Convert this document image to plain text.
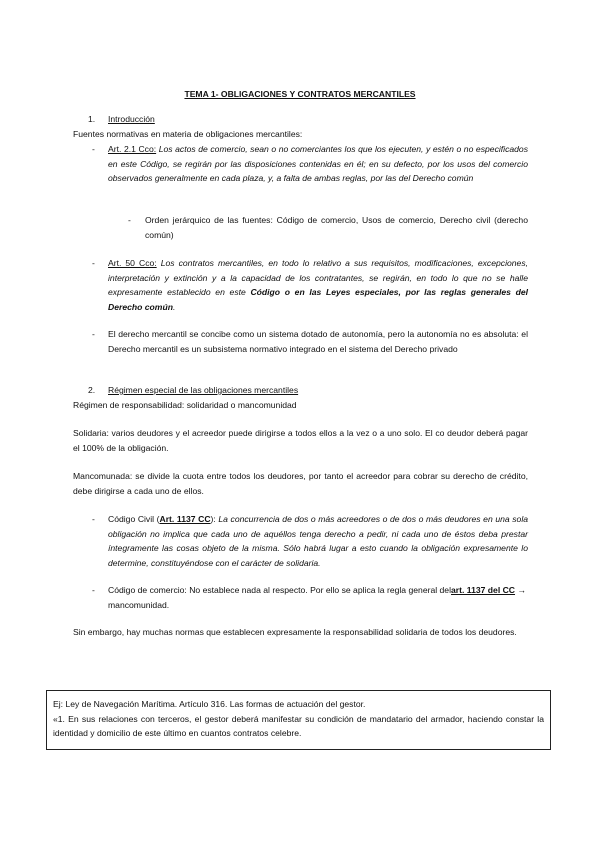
TEMA 1- OBLIGACIONES Y CONTRATOS MERCANTILES
1. Introducción
Fuentes normativas en materia de obligaciones mercantiles:
- Art. 2.1 Cco: Los actos de comercio, sean o no comerciantes los que los ejecuten, y estén o no especificados en este Código, se regirán por las disposiciones contenidas en él; en su defecto, por los usos del comercio observados generalmente en cada plaza, y, a falta de ambas reglas, por las del Derecho común
- Orden jerárquico de las fuentes: Código de comercio, Usos de comercio, Derecho civil (derecho común)
- Art. 50 Cco: Los contratos mercantiles, en todo lo relativo a sus requisitos, modificaciones, excepciones, interpretación y extinción y a la capacidad de los contratantes, se regirán, en todo lo que no se halle expresamente establecido en este Código o en las Leyes especiales, por las reglas generales del Derecho común.
- El derecho mercantil se concibe como un sistema dotado de autonomía, pero la autonomía no es absoluta: el Derecho mercantil es un subsistema normativo integrado en el sistema del Derecho privado
2. Régimen especial de las obligaciones mercantiles
Régimen de responsabilidad: solidaridad o mancomunidad
Solidaria: varios deudores y el acreedor puede dirigirse a todos ellos a la vez o a uno solo. El co deudor deberá pagar el 100% de la obligación.
Mancomunada: se divide la cuota entre todos los deudores, por tanto el acreedor para cobrar su derecho de crédito, debe dirigirse a cada uno de ellos.
- Código Civil (Art. 1137 CC): La concurrencia de dos o más acreedores o de dos o más deudores en una sola obligación no implica que cada uno de aquéllos tenga derecho a pedir, ni cada uno de éstos deba prestar íntegramente las cosas objeto de la misma. Sólo habrá lugar a esto cuando la obligación expresamente lo determine, constituyéndose con el carácter de solidaria.
- Código de comercio: No establece nada al respecto. Por ello se aplica la regla general delart. 1137 del CC → mancomunidad.
Sin embargo, hay muchas normas que establecen expresamente la responsabilidad solidaria de todos los deudores.
Ej: Ley de Navegación Marítima. Artículo 316. Las formas de actuación del gestor.
«1. En sus relaciones con terceros, el gestor deberá manifestar su condición de mandatario del armador, haciendo constar la identidad y domicilio de este último en cuantos contratos celebre.
